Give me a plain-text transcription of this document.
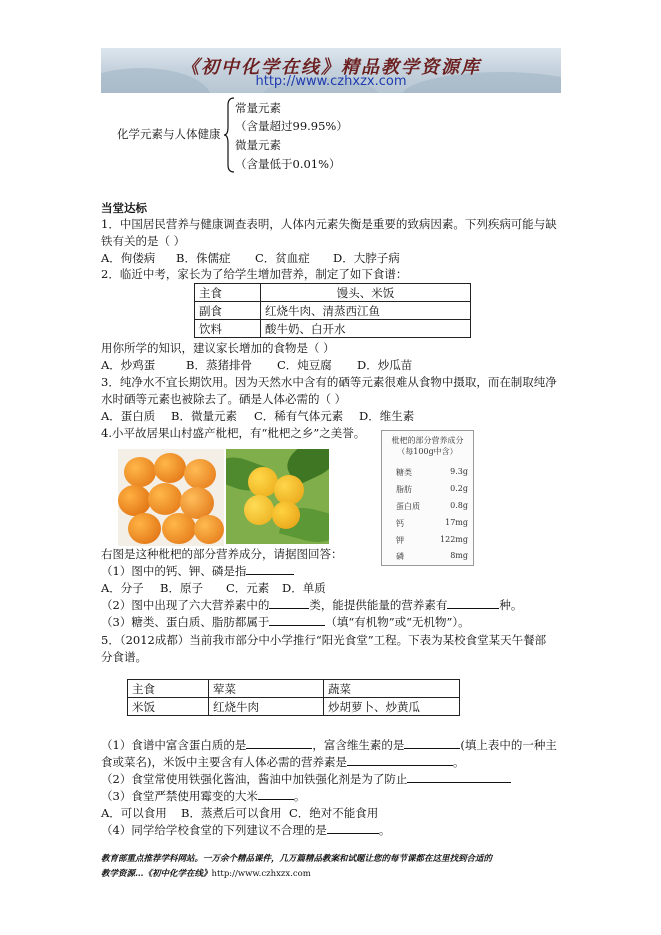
《初中化学在线》精品教学资源库
http://www.czhxzx.com
化学元素与人体健康
常量元素
（含量超过99.95%）
微量元素
（含量低于0.01%）
当堂达标
1．中国居民营养与健康调查表明，人体内元素失衡是重要的致病因素。下列疾病可能与缺
铁有关的是（ ）
A．佝偻病 B．侏儒症 C．贫血症 D．大脖子病
2．临近中考，家长为了给学生增加营养，制定了如下食谱：
主食	馒头、米饭
副食	红烧牛肉、清蒸西江鱼
饮料	酸牛奶、白开水
用你所学的知识，建议家长增加的食物是（ ）
A．炒鸡蛋	B．蒸猪排骨 C．炖豆腐 D．炒瓜苗
3．纯净水不宜长期饮用。因为天然水中含有的硒等元素很难从食物中摄取，而在制取纯净
水时硒等元素也被除去了。硒是人体必需的（ ）
A．蛋白质 B．微量元素 C．稀有气体元素 D．维生素
4.小平故居果山村盛产枇杷，有“枇杷之乡”之美誉。
枇杷的部分营养成分
（每100g中含）
糖类	9.3g
脂肪	0.2g
蛋白质	0.8g
钙	17mg
钾	122mg
磷	8mg
右图是这种枇杷的部分营养成分，请据图回答：
（1）图中的钙、钾、磷是指
A．分子 B．原子 C．元素 D．单质
（2）图中出现了六大营养素中的	类，能提供能量的营养素有	种。
（3）糖类、蛋白质、脂肪都属于	（填“有机物”或“无机物”）。
5．（2012成都）当前我市部分中小学推行“阳光食堂”工程。下表为某校食堂某天午餐部
分食谱。
主食	荤菜	蔬菜
米饭	红烧牛肉	炒胡萝卜、炒黄瓜
（1）食谱中富含蛋白质的是	，富含维生素的是	(填上表中的一种主
食或菜名)，米饭中主要含有人体必需的营养素是	。
（2）食堂常使用铁强化酱油，酱油中加铁强化剂是为了防止
（3）食堂严禁使用霉变的大米	。
A．可以食用 B．蒸煮后可以食用 C．绝对不能食用
（4）同学给学校食堂的下列建议不合理的是	。
教育部重点推荐学科网站。一万余个精品课件，几万篇精品教案和试题让您的每节课都在这里找到合适的
教学资源…《初中化学在线》http://www.czhxzx.com
